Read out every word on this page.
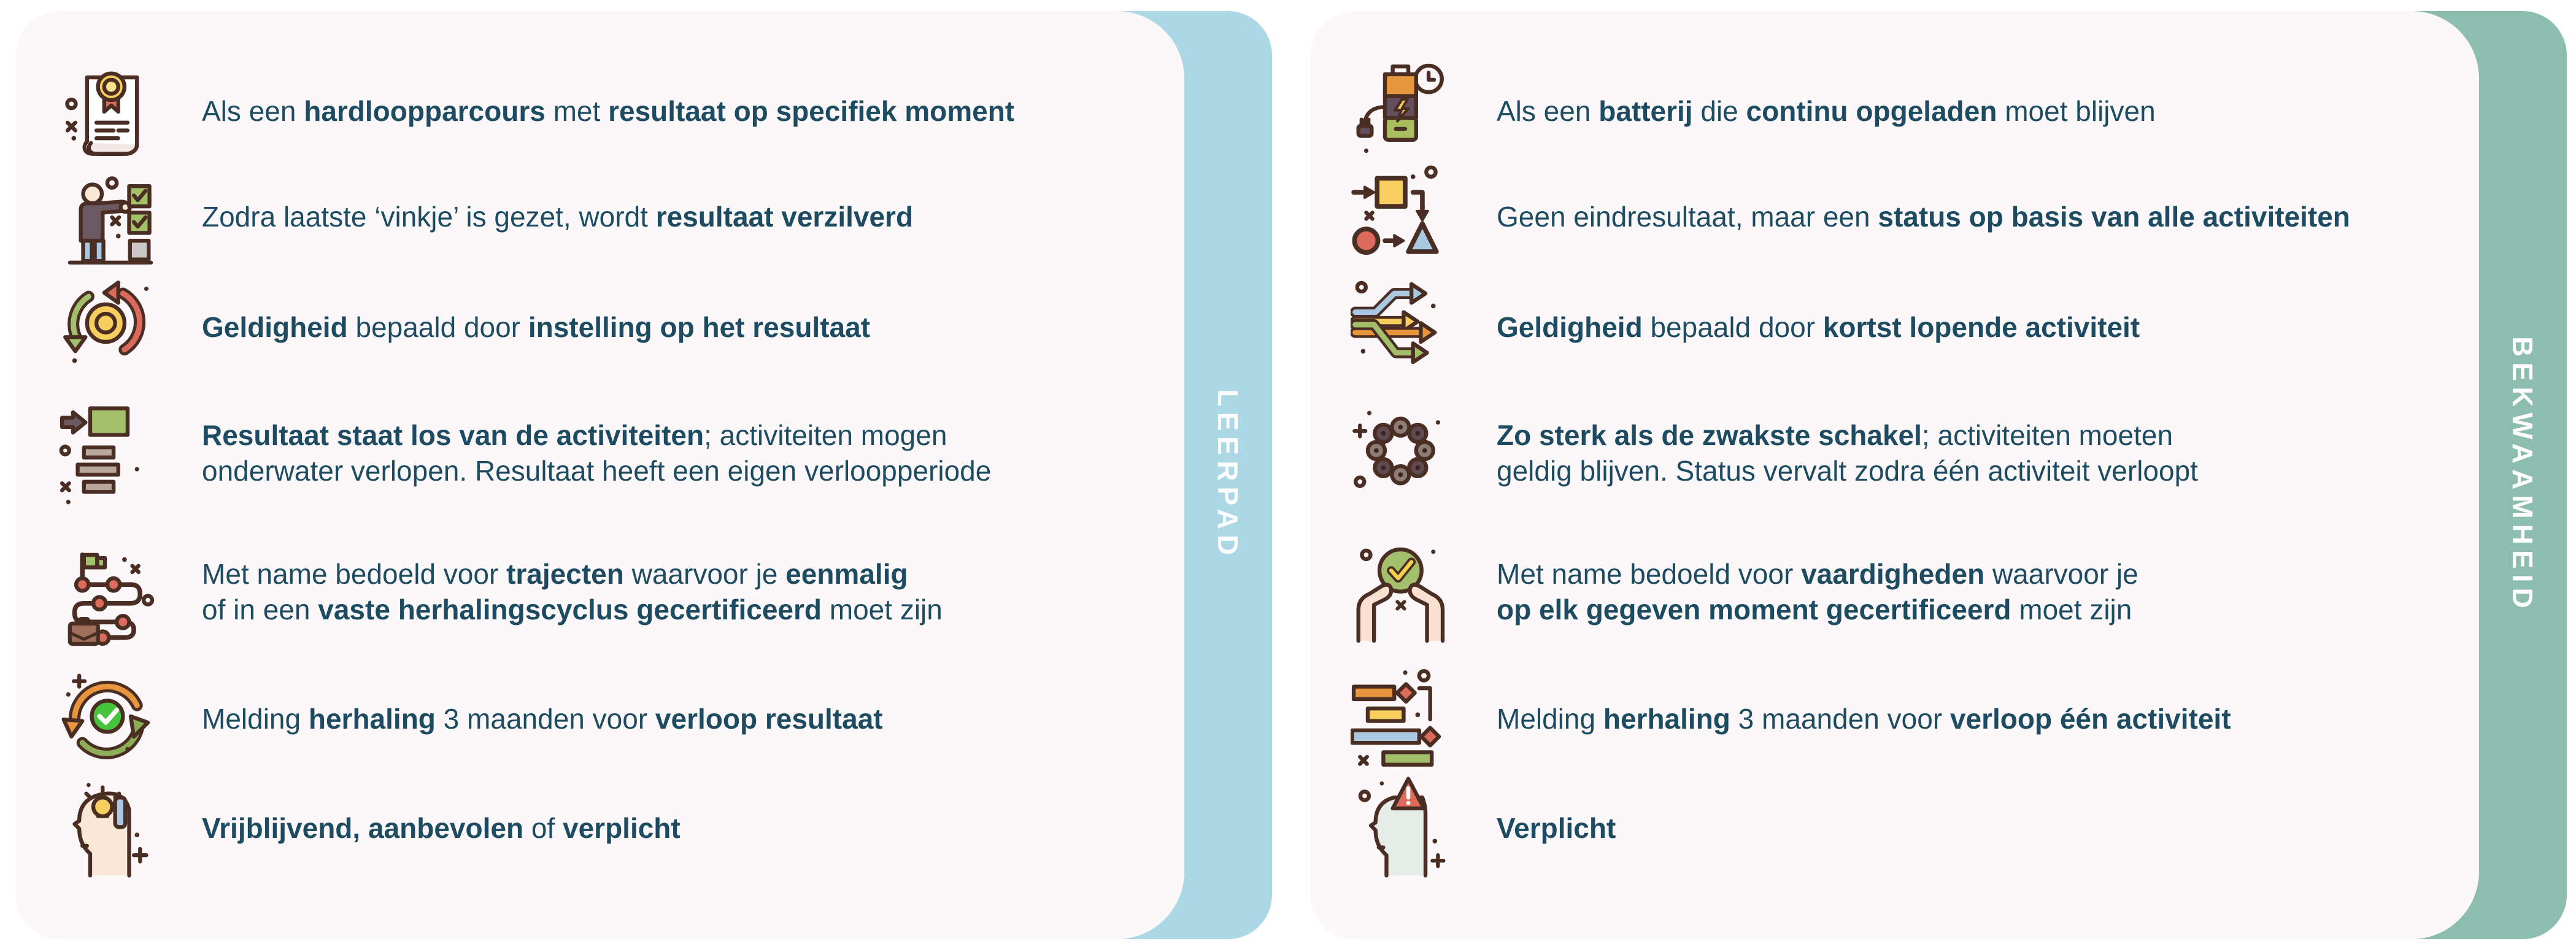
LEERPAD
Als een hardloopparcours met resultaat op specifiek moment
Zodra laatste ‘vinkje’ is gezet, wordt resultaat verzilverd
Geldigheid bepaald door instelling op het resultaat
Resultaat staat los van de activiteiten; activiteiten mogen
onderwater verlopen. Resultaat heeft een eigen verloopperiode
Met name bedoeld voor trajecten waarvoor je eenmalig
of in een vaste herhalingscyclus gecertificeerd moet zijn
Melding herhaling 3 maanden voor verloop resultaat
Vrijblijvend, aanbevolen of verplicht
BEKWAAMHEID
Als een batterij die continu opgeladen moet blijven
Geen eindresultaat, maar een status op basis van alle activiteiten
Geldigheid bepaald door kortst lopende activiteit
Zo sterk als de zwakste schakel; activiteiten moeten
geldig blijven. Status vervalt zodra één activiteit verloopt
Met name bedoeld voor vaardigheden waarvoor je
op elk gegeven moment gecertificeerd moet zijn
Melding herhaling 3 maanden voor verloop één activiteit
Verplicht
